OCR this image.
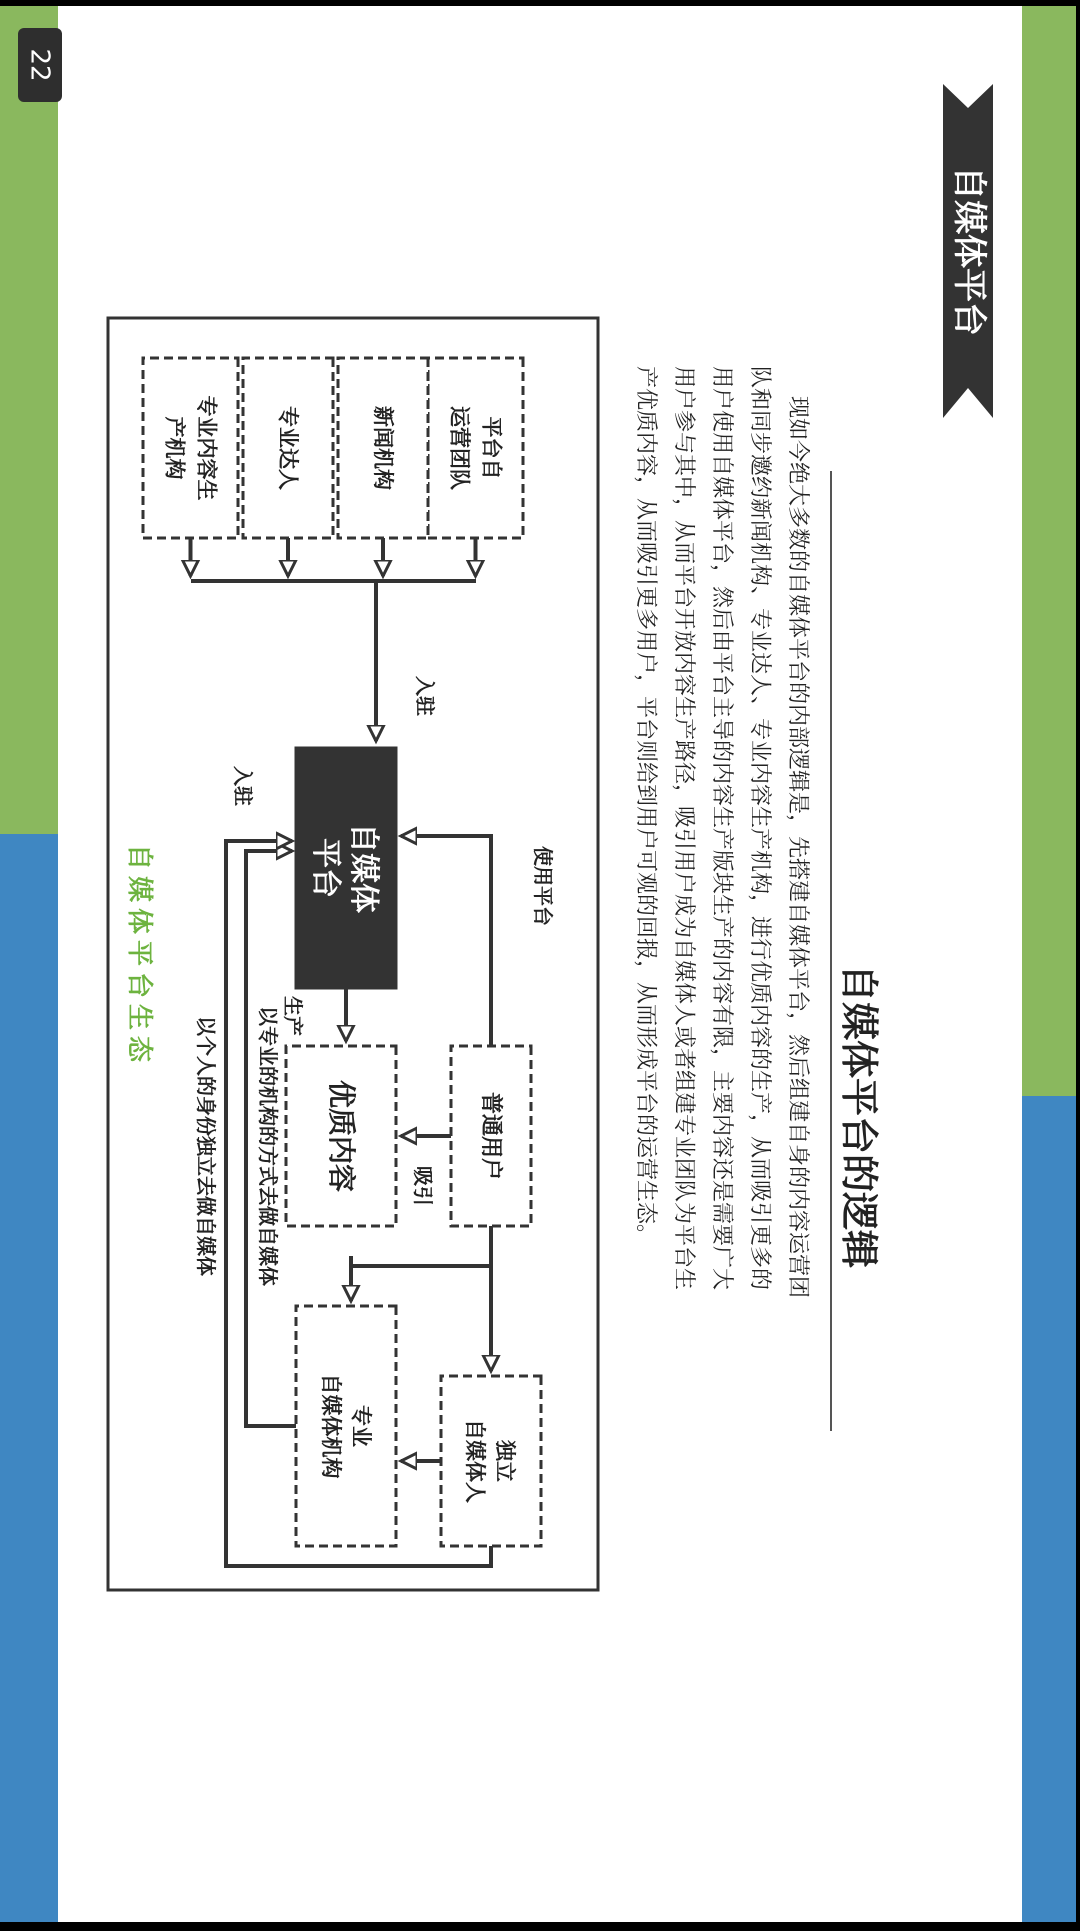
22
自媒体平台
自媒体平台的逻辑
现如今绝大多数的自媒体平台的内部逻辑是，先搭建自媒体平台，然后组建自身的内容运营团
队和同步邀约新闻机构、专业达人、专业内容生产机构，进行优质内容的生产，从而吸引更多的
用户使用自媒体平台，然后由平台主导的内容生产版块生产的内容有限，主要内容还是需要广大
用户参与其中，从而平台开放内容生产路径，吸引用户成为自媒体人或者组建专业团队为平台生
产优质内容，从而吸引更多用户，平台则给到用户可观的回报，从而形成平台的运营生态。
平台自
运营团队
新闻机构
专业达人
专业内容生
产机构
入驻
自媒体
平台
入驻
生产
优质内容	普通用户
使用平台
吸引
独立
自媒体人
专业
自媒体机构
以专业的机构的方式去做自媒体
以个人的身份独立去做自媒体
自媒体平台生态
